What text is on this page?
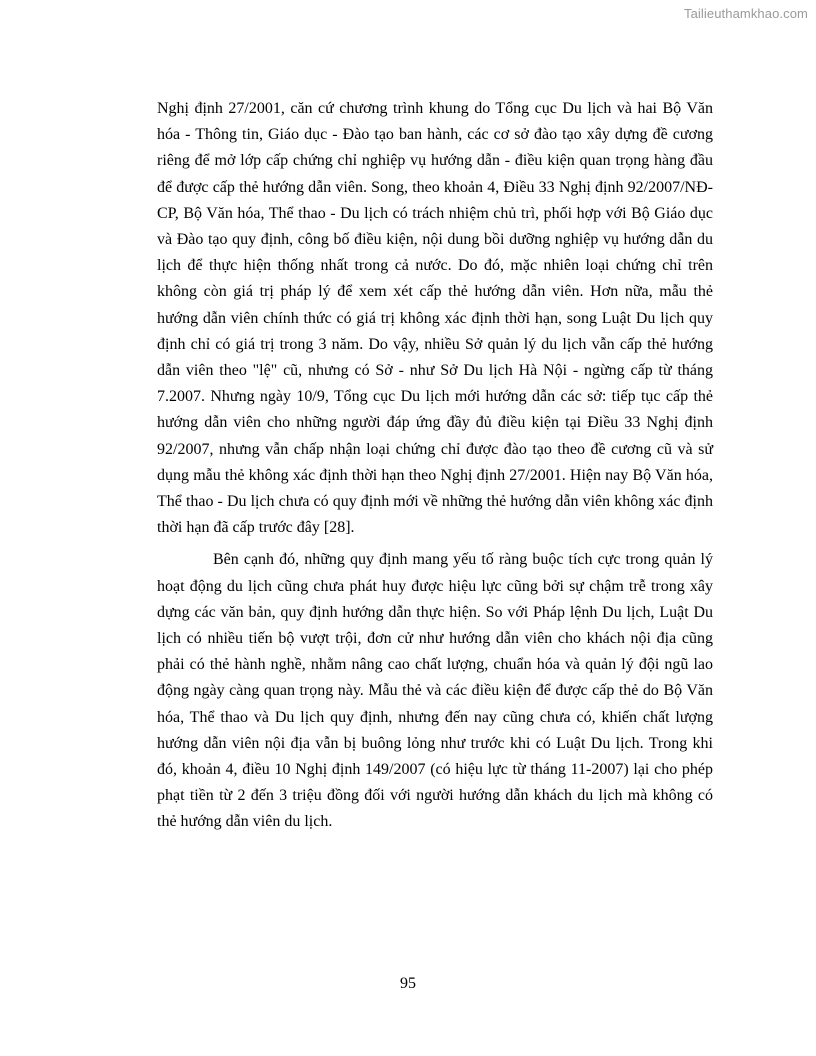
Tailieuthamkhao.com

Nghị định 27/2001, căn cứ chương trình khung do Tổng cục Du lịch và hai Bộ Văn hóa - Thông tin, Giáo dục - Đào tạo ban hành, các cơ sở đào tạo xây dựng đề cương riêng để mở lớp cấp chứng chỉ nghiệp vụ hướng dẫn - điều kiện quan trọng hàng đầu để được cấp thẻ hướng dẫn viên. Song, theo khoản 4, Điều 33 Nghị định 92/2007/NĐ-CP, Bộ Văn hóa, Thể thao - Du lịch có trách nhiệm chủ trì, phối hợp với Bộ Giáo dục và Đào tạo quy định, công bố điều kiện, nội dung bồi dưỡng nghiệp vụ hướng dẫn du lịch để thực hiện thống nhất trong cả nước. Do đó, mặc nhiên loại chứng chỉ trên không còn giá trị pháp lý để xem xét cấp thẻ hướng dẫn viên. Hơn nữa, mẫu thẻ hướng dẫn viên chính thức có giá trị không xác định thời hạn, song Luật Du lịch quy định chỉ có giá trị trong 3 năm. Do vậy, nhiều Sở quản lý du lịch vẫn cấp thẻ hướng dẫn viên theo "lệ" cũ, nhưng có Sở - như Sở Du lịch Hà Nội - ngừng cấp từ tháng 7.2007. Nhưng ngày 10/9, Tổng cục Du lịch mới hướng dẫn các sở: tiếp tục cấp thẻ hướng dẫn viên cho những người đáp ứng đầy đủ điều kiện tại Điều 33 Nghị định 92/2007, nhưng vẫn chấp nhận loại chứng chỉ được đào tạo theo đề cương cũ và sử dụng mẫu thẻ không xác định thời hạn theo Nghị định 27/2001. Hiện nay Bộ Văn hóa, Thể thao - Du lịch chưa có quy định mới về những thẻ hướng dẫn viên không xác định thời hạn đã cấp trước đây [28].

Bên cạnh đó, những quy định mang yếu tố ràng buộc tích cực trong quản lý hoạt động du lịch cũng chưa phát huy được hiệu lực cũng bởi sự chậm trễ trong xây dựng các văn bản, quy định hướng dẫn thực hiện. So với Pháp lệnh Du lịch, Luật Du lịch có nhiều tiến bộ vượt trội, đơn cử như hướng dẫn viên cho khách nội địa cũng phải có thẻ hành nghề, nhằm nâng cao chất lượng, chuẩn hóa và quản lý đội ngũ lao động ngày càng quan trọng này. Mẫu thẻ và các điều kiện để được cấp thẻ do Bộ Văn hóa, Thể thao và Du lịch quy định, nhưng đến nay cũng chưa có, khiến chất lượng hướng dẫn viên nội địa vẫn bị buông lỏng như trước khi có Luật Du lịch. Trong khi đó, khoản 4, điều 10 Nghị định 149/2007 (có hiệu lực từ tháng 11-2007) lại cho phép phạt tiền từ 2 đến 3 triệu đồng đối với người hướng dẫn khách du lịch mà không có thẻ hướng dẫn viên du lịch.

95
